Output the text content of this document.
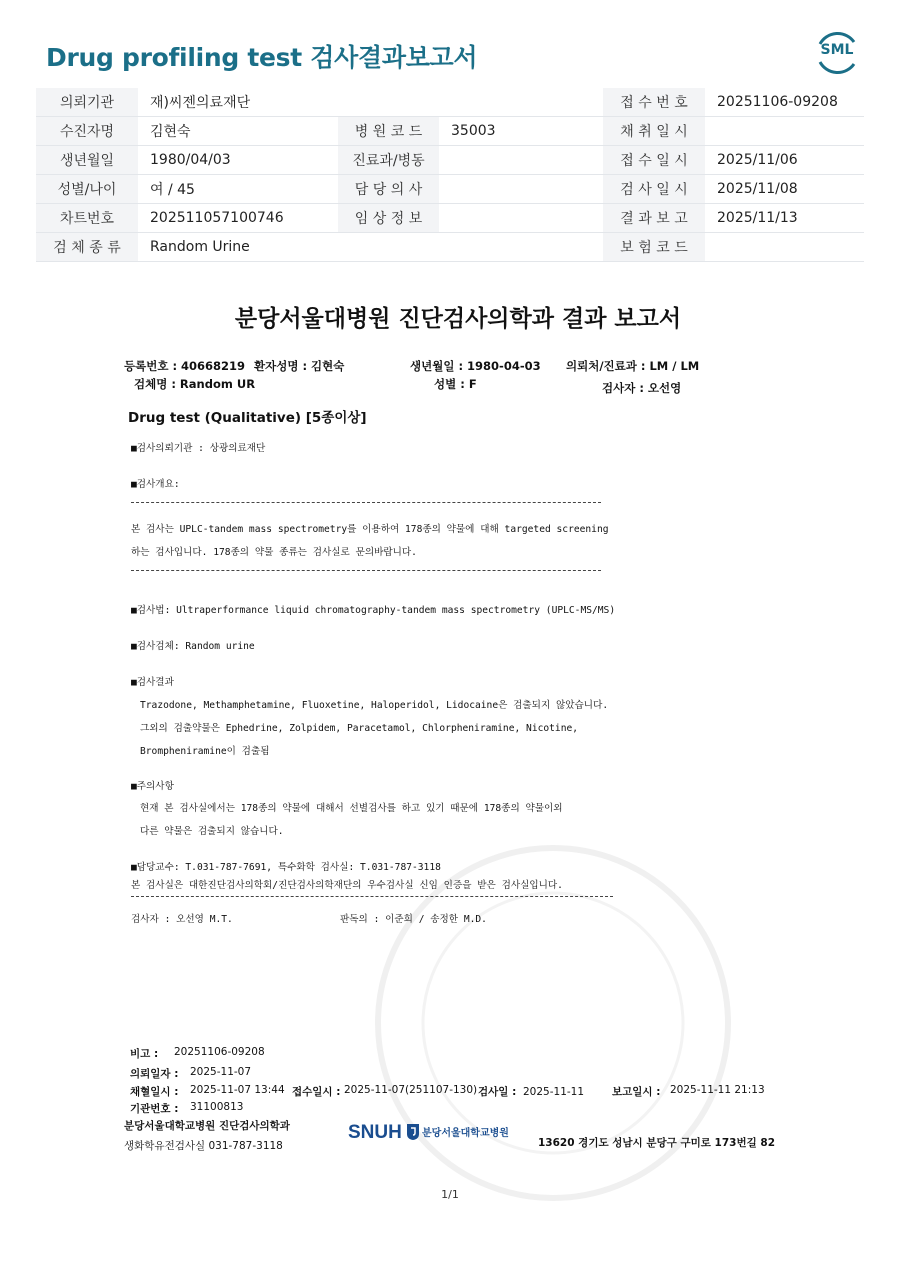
Drug profiling test 검사결과보고서	SML
의뢰기관	재)씨젠의료재단			접 수 번 호	20251106-09208
수진자명	김현숙	병 원 코 드	35003	채 취 일 시	
생년월일	1980/04/03	진료과/병동		접 수 일 시	2025/11/06
성별/나이	여 / 45	담 당 의 사		검 사 일 시	2025/11/08
차트번호	202511057100746	임 상 정 보		결 과 보 고	2025/11/13
검 체 종 류	Random Urine			보 험 코 드	
분당서울대병원 진단검사의학과 결과 보고서
등록번호 : 40668219 환자성명 : 김현숙	생년월일 : 1980-04-03 의뢰처/진료과 : LM / LM
검체명 : Random UR	성별 : F	검사자 : 오선영
Drug test (Qualitative) [5종이상]
■검사의뢰기관 : 상광의료재단
■검사개요:
본 검사는 UPLC-tandem mass spectrometry를 이용하여 178종의 약물에 대해 targeted screening
하는 검사입니다. 178종의 약물 종류는 검사실로 문의바랍니다.
■검사법: Ultraperformance liquid chromatography-tandem mass spectrometry (UPLC-MS/MS)
■검사검체: Random urine
■검사결과
Trazodone, Methamphetamine, Fluoxetine, Haloperidol, Lidocaine은 검출되지 않았습니다.
그외의 검출약물은 Ephedrine, Zolpidem, Paracetamol, Chlorpheniramine, Nicotine,
Brompheniramine이 검출됨
■주의사항
현재 본 검사실에서는 178종의 약물에 대해서 선별검사를 하고 있기 때문에 178종의 약물이외
다른 약물은 검출되지 않습니다.
■담당교수: T.031-787-7691, 특수화학 검사실: T.031-787-3118
본 검사실은 대한진단검사의학회/진단검사의학재단의 우수검사실 신임 인증을 받은 검사실입니다.
검사자 : 오선영 M.T.	판독의 : 이준희 / 송정한 M.D.
비고 : 20251106-09208
의뢰일자 : 2025-11-07
채혈일시 : 2025-11-07 13:44 접수일시 : 2025-11-07(251107-130) 검사일 : 2025-11-11	보고일시 : 2025-11-11 21:13
기관번호 : 31100813
분당서울대학교병원 진단검사의학과
생화학유전검사실 031-787-3118
SNUH 분당서울대학교병원
13620 경기도 성남시 분당구 구미로 173번길 82
1/1
